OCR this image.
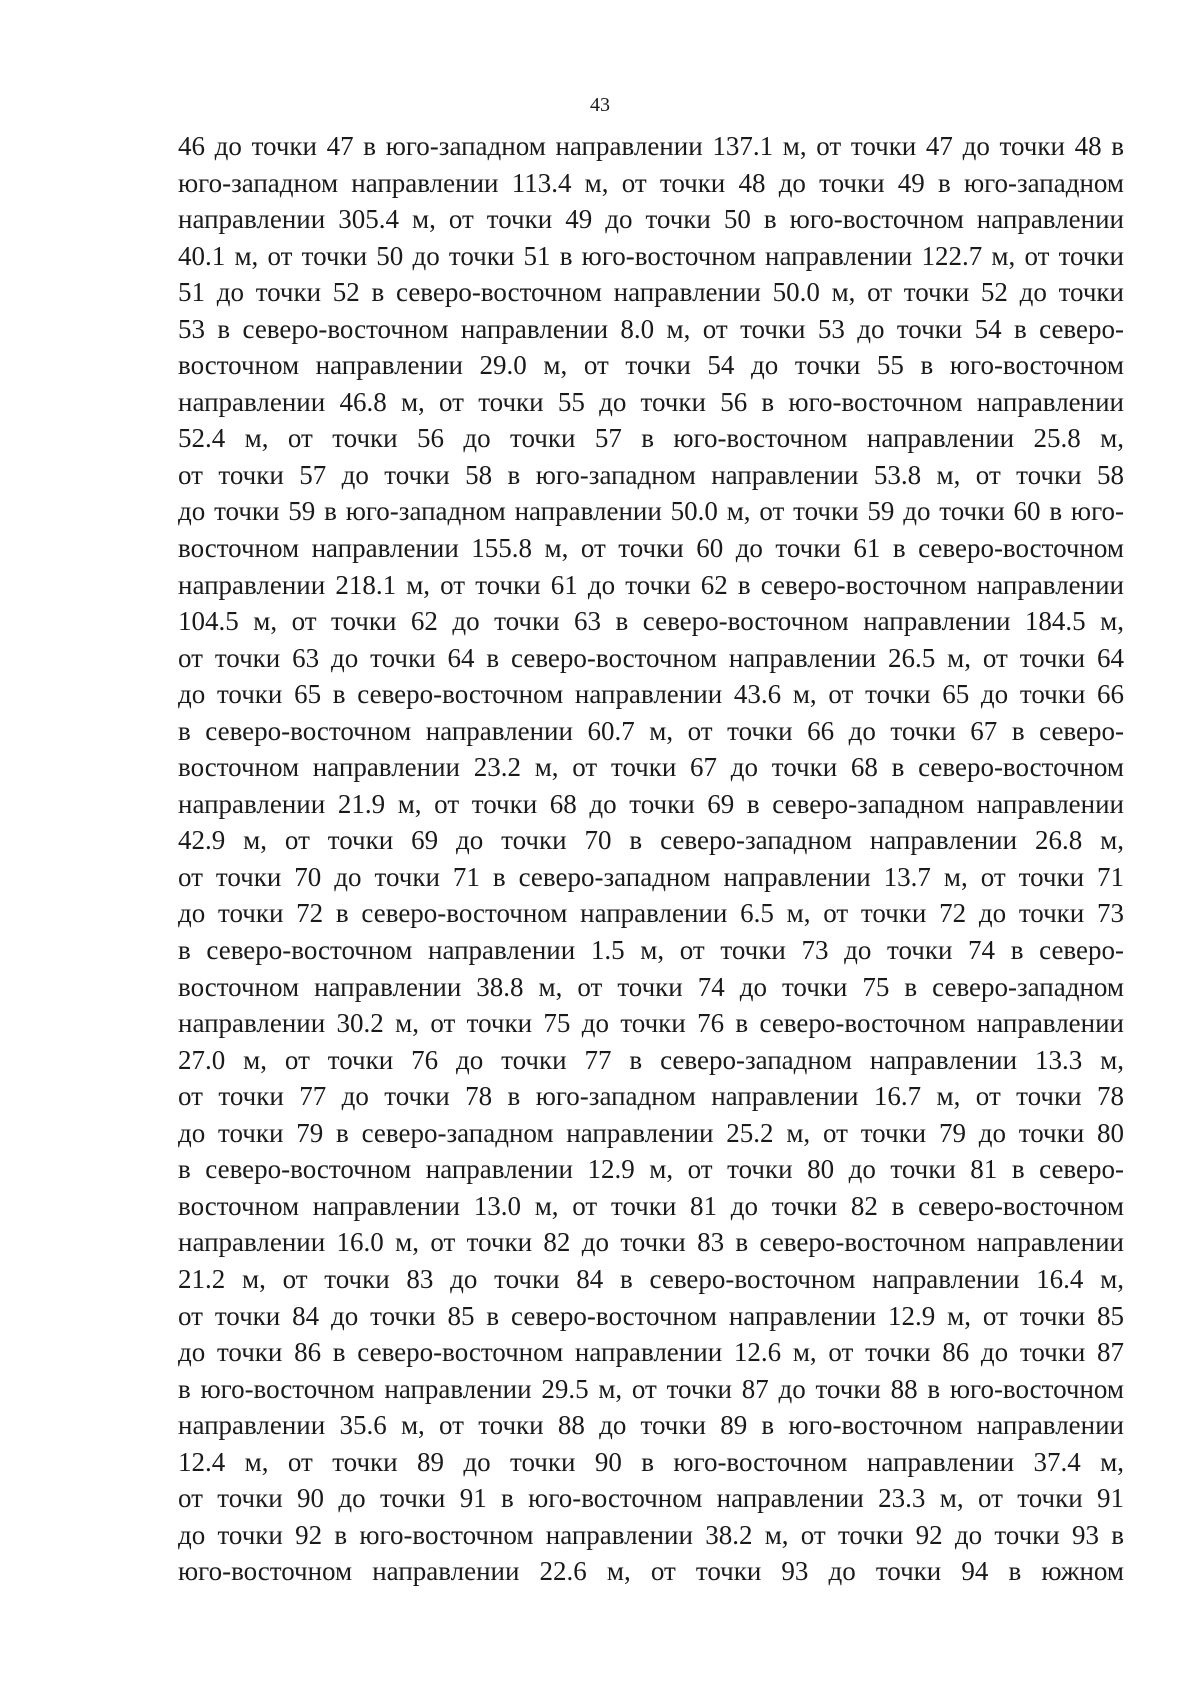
43
46 до точки 47 в юго-западном направлении 137.1 м, от точки 47 до точки 48 в
юго-западном направлении 113.4 м, от точки 48 до точки 49 в юго-западном
направлении 305.4 м, от точки 49 до точки 50 в юго-восточном направлении
40.1 м, от точки 50 до точки 51 в юго-восточном направлении 122.7 м, от точки
51 до точки 52 в северо-восточном направлении 50.0 м, от точки 52 до точки
53 в северо-восточном направлении 8.0 м, от точки 53 до точки 54 в северо-
восточном направлении 29.0 м, от точки 54 до точки 55 в юго-восточном
направлении 46.8 м, от точки 55 до точки 56 в юго-восточном направлении
52.4 м, от точки 56 до точки 57 в юго-восточном направлении 25.8 м,
от точки 57 до точки 58 в юго-западном направлении 53.8 м, от точки 58
до точки 59 в юго-западном направлении 50.0 м, от точки 59 до точки 60 в юго-
восточном направлении 155.8 м, от точки 60 до точки 61 в северо-восточном
направлении 218.1 м, от точки 61 до точки 62 в северо-восточном направлении
104.5 м, от точки 62 до точки 63 в северо-восточном направлении 184.5 м,
от точки 63 до точки 64 в северо-восточном направлении 26.5 м, от точки 64
до точки 65 в северо-восточном направлении 43.6 м, от точки 65 до точки 66
в северо-восточном направлении 60.7 м, от точки 66 до точки 67 в северо-
восточном направлении 23.2 м, от точки 67 до точки 68 в северо-восточном
направлении 21.9 м, от точки 68 до точки 69 в северо-западном направлении
42.9 м, от точки 69 до точки 70 в северо-западном направлении 26.8 м,
от точки 70 до точки 71 в северо-западном направлении 13.7 м, от точки 71
до точки 72 в северо-восточном направлении 6.5 м, от точки 72 до точки 73
в северо-восточном направлении 1.5 м, от точки 73 до точки 74 в северо-
восточном направлении 38.8 м, от точки 74 до точки 75 в северо-западном
направлении 30.2 м, от точки 75 до точки 76 в северо-восточном направлении
27.0 м, от точки 76 до точки 77 в северо-западном направлении 13.3 м,
от точки 77 до точки 78 в юго-западном направлении 16.7 м, от точки 78
до точки 79 в северо-западном направлении 25.2 м, от точки 79 до точки 80
в северо-восточном направлении 12.9 м, от точки 80 до точки 81 в северо-
восточном направлении 13.0 м, от точки 81 до точки 82 в северо-восточном
направлении 16.0 м, от точки 82 до точки 83 в северо-восточном направлении
21.2 м, от точки 83 до точки 84 в северо-восточном направлении 16.4 м,
от точки 84 до точки 85 в северо-восточном направлении 12.9 м, от точки 85
до точки 86 в северо-восточном направлении 12.6 м, от точки 86 до точки 87
в юго-восточном направлении 29.5 м, от точки 87 до точки 88 в юго-восточном
направлении 35.6 м, от точки 88 до точки 89 в юго-восточном направлении
12.4 м, от точки 89 до точки 90 в юго-восточном направлении 37.4 м,
от точки 90 до точки 91 в юго-восточном направлении 23.3 м, от точки 91
до точки 92 в юго-восточном направлении 38.2 м, от точки 92 до точки 93 в
юго-восточном направлении 22.6 м, от точки 93 до точки 94 в южном
